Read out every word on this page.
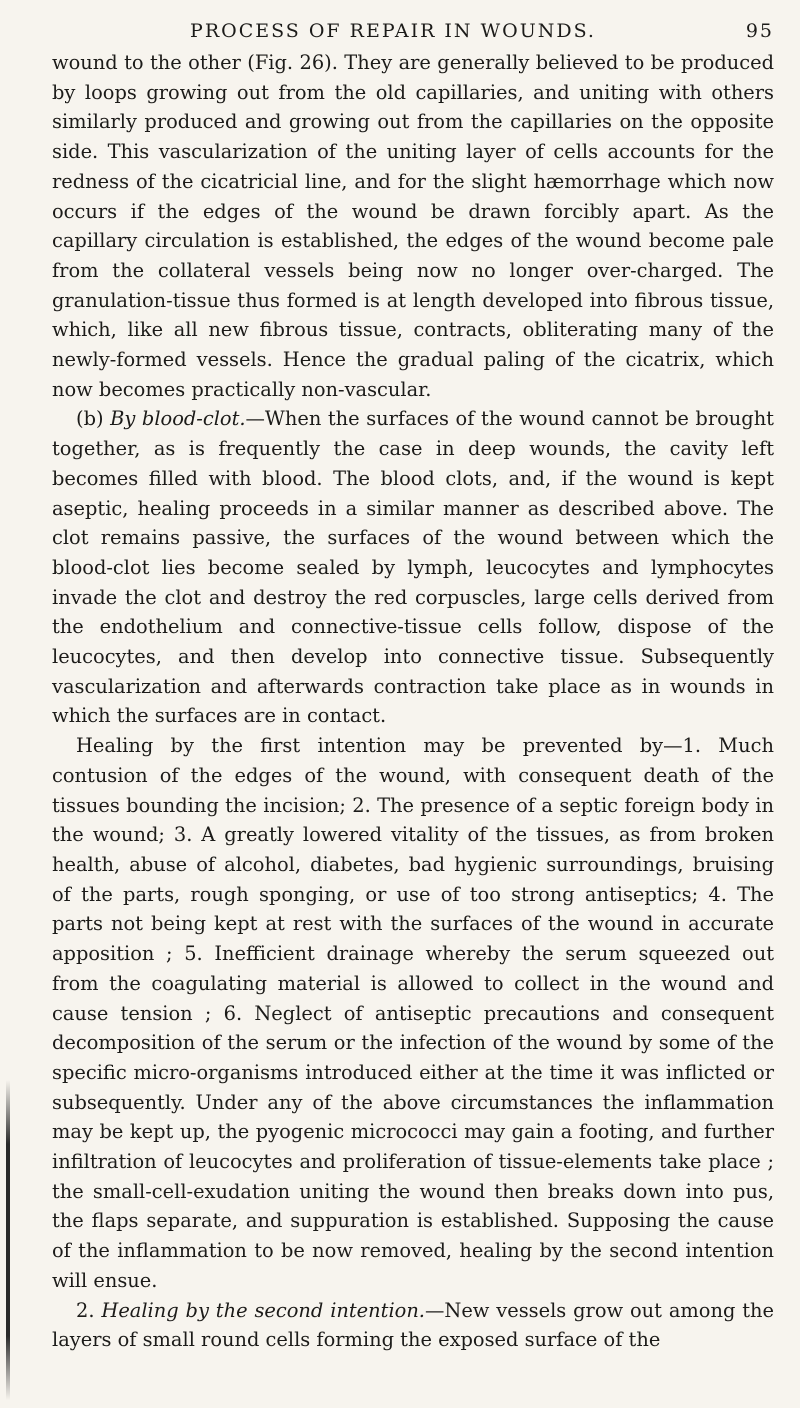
PROCESS OF REPAIR IN WOUNDS.	95

wound to the other (Fig. 26). They are generally believed to be produced by loops growing out from the old capillaries, and uniting with others similarly produced and growing out from the capillaries on the opposite side. This vascularization of the uniting layer of cells accounts for the redness of the cicatricial line, and for the slight hæmorrhage which now occurs if the edges of the wound be drawn forcibly apart. As the capillary circulation is established, the edges of the wound become pale from the collateral vessels being now no longer over-charged. The granulation-tissue thus formed is at length developed into fibrous tissue, which, like all new fibrous tissue, contracts, obliterating many of the newly-formed vessels. Hence the gradual paling of the cicatrix, which now becomes practically non-vascular.

(b) By blood-clot.—When the surfaces of the wound cannot be brought together, as is frequently the case in deep wounds, the cavity left becomes filled with blood. The blood clots, and, if the wound is kept aseptic, healing proceeds in a similar manner as described above. The clot remains passive, the surfaces of the wound between which the blood-clot lies become sealed by lymph, leucocytes and lymphocytes invade the clot and destroy the red corpuscles, large cells derived from the endothelium and connective-tissue cells follow, dispose of the leucocytes, and then develop into connective tissue. Subsequently vascularization and afterwards contraction take place as in wounds in which the surfaces are in contact.

Healing by the first intention may be prevented by—1. Much contusion of the edges of the wound, with consequent death of the tissues bounding the incision; 2. The presence of a septic foreign body in the wound; 3. A greatly lowered vitality of the tissues, as from broken health, abuse of alcohol, diabetes, bad hygienic surroundings, bruising of the parts, rough sponging, or use of too strong antiseptics; 4. The parts not being kept at rest with the surfaces of the wound in accurate apposition ; 5. Inefficient drainage whereby the serum squeezed out from the coagulating material is allowed to collect in the wound and cause tension ; 6. Neglect of antiseptic precautions and consequent decomposition of the serum or the infection of the wound by some of the specific micro-organisms introduced either at the time it was inflicted or subsequently. Under any of the above circumstances the inflammation may be kept up, the pyogenic micrococci may gain a footing, and further infiltration of leucocytes and proliferation of tissue-elements take place ; the small-cell-exudation uniting the wound then breaks down into pus, the flaps separate, and suppuration is established. Supposing the cause of the inflammation to be now removed, healing by the second intention will ensue.

2. Healing by the second intention.—New vessels grow out among the layers of small round cells forming the exposed surface of the
